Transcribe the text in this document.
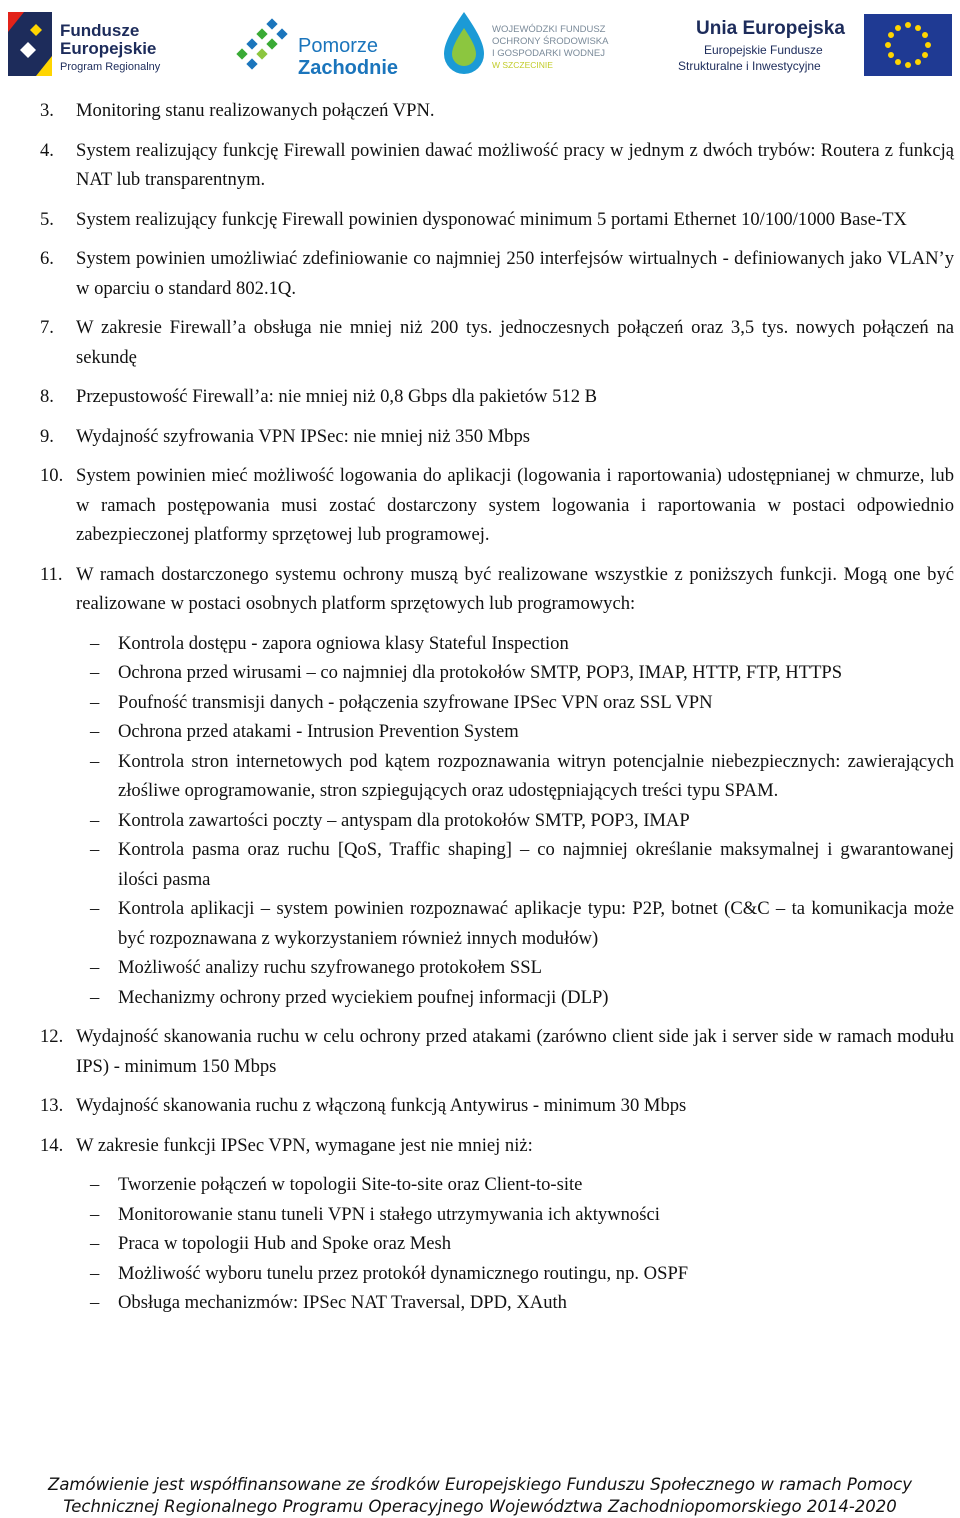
Fundusze
Europejskie
Program Regionalny
Pomorze
Zachodnie
WOJEWÓDZKI FUNDUSZ
OCHRONY ŚRODOWISKA
I GOSPODARKI WODNEJ
W SZCZECINIE
Unia Europejska
Europejskie Fundusze
Strukturalne i Inwestycyjne
3. Monitoring stanu realizowanych połączeń VPN.
4. System realizujący funkcję Firewall powinien dawać możliwość pracy w jednym z dwóch trybów: Routera z funkcją NAT lub transparentnym.
5. System realizujący funkcję Firewall powinien dysponować minimum 5 portami Ethernet 10/100/1000 Base-TX
6. System powinien umożliwiać zdefiniowanie co najmniej 250 interfejsów wirtualnych - definiowanych jako VLAN’y w oparciu o standard 802.1Q.
7. W zakresie Firewall’a obsługa nie mniej niż 200 tys. jednoczesnych połączeń oraz 3,5 tys. nowych połączeń na sekundę
8. Przepustowość Firewall’a: nie mniej niż 0,8 Gbps dla pakietów 512 B
9. Wydajność szyfrowania VPN IPSec: nie mniej niż 350 Mbps
10. System powinien mieć możliwość logowania do aplikacji (logowania i raportowania) udostępnianej w chmurze, lub w ramach postępowania musi zostać dostarczony system logowania i raportowania w postaci odpowiednio zabezpieczonej platformy sprzętowej lub programowej.
11. W ramach dostarczonego systemu ochrony muszą być realizowane wszystkie z poniższych funkcji. Mogą one być realizowane w postaci osobnych platform sprzętowych lub programowych:
– Kontrola dostępu - zapora ogniowa klasy Stateful Inspection
– Ochrona przed wirusami – co najmniej dla protokołów SMTP, POP3, IMAP, HTTP, FTP, HTTPS
– Poufność transmisji danych - połączenia szyfrowane IPSec VPN oraz SSL VPN
– Ochrona przed atakami - Intrusion Prevention System
– Kontrola stron internetowych pod kątem rozpoznawania witryn potencjalnie niebezpiecznych: zawierających złośliwe oprogramowanie, stron szpiegujących oraz udostępniających treści typu SPAM.
– Kontrola zawartości poczty – antyspam dla protokołów SMTP, POP3, IMAP
– Kontrola pasma oraz ruchu [QoS, Traffic shaping] – co najmniej określanie maksymalnej i gwarantowanej ilości pasma
– Kontrola aplikacji – system powinien rozpoznawać aplikacje typu: P2P, botnet (C&C – ta komunikacja może być rozpoznawana z wykorzystaniem również innych modułów)
– Możliwość analizy ruchu szyfrowanego protokołem SSL
– Mechanizmy ochrony przed wyciekiem poufnej informacji (DLP)
12. Wydajność skanowania ruchu w celu ochrony przed atakami (zarówno client side jak i server side w ramach modułu IPS) - minimum 150 Mbps
13. Wydajność skanowania ruchu z włączoną funkcją Antywirus - minimum 30 Mbps
14. W zakresie funkcji IPSec VPN, wymagane jest nie mniej niż:
– Tworzenie połączeń w topologii Site-to-site oraz Client-to-site
– Monitorowanie stanu tuneli VPN i stałego utrzymywania ich aktywności
– Praca w topologii Hub and Spoke oraz Mesh
– Możliwość wyboru tunelu przez protokół dynamicznego routingu, np. OSPF
– Obsługa mechanizmów: IPSec NAT Traversal, DPD, XAuth
Zamówienie jest współfinansowane ze środków Europejskiego Funduszu Społecznego w ramach Pomocy
Technicznej Regionalnego Programu Operacyjnego Województwa Zachodniopomorskiego 2014-2020
